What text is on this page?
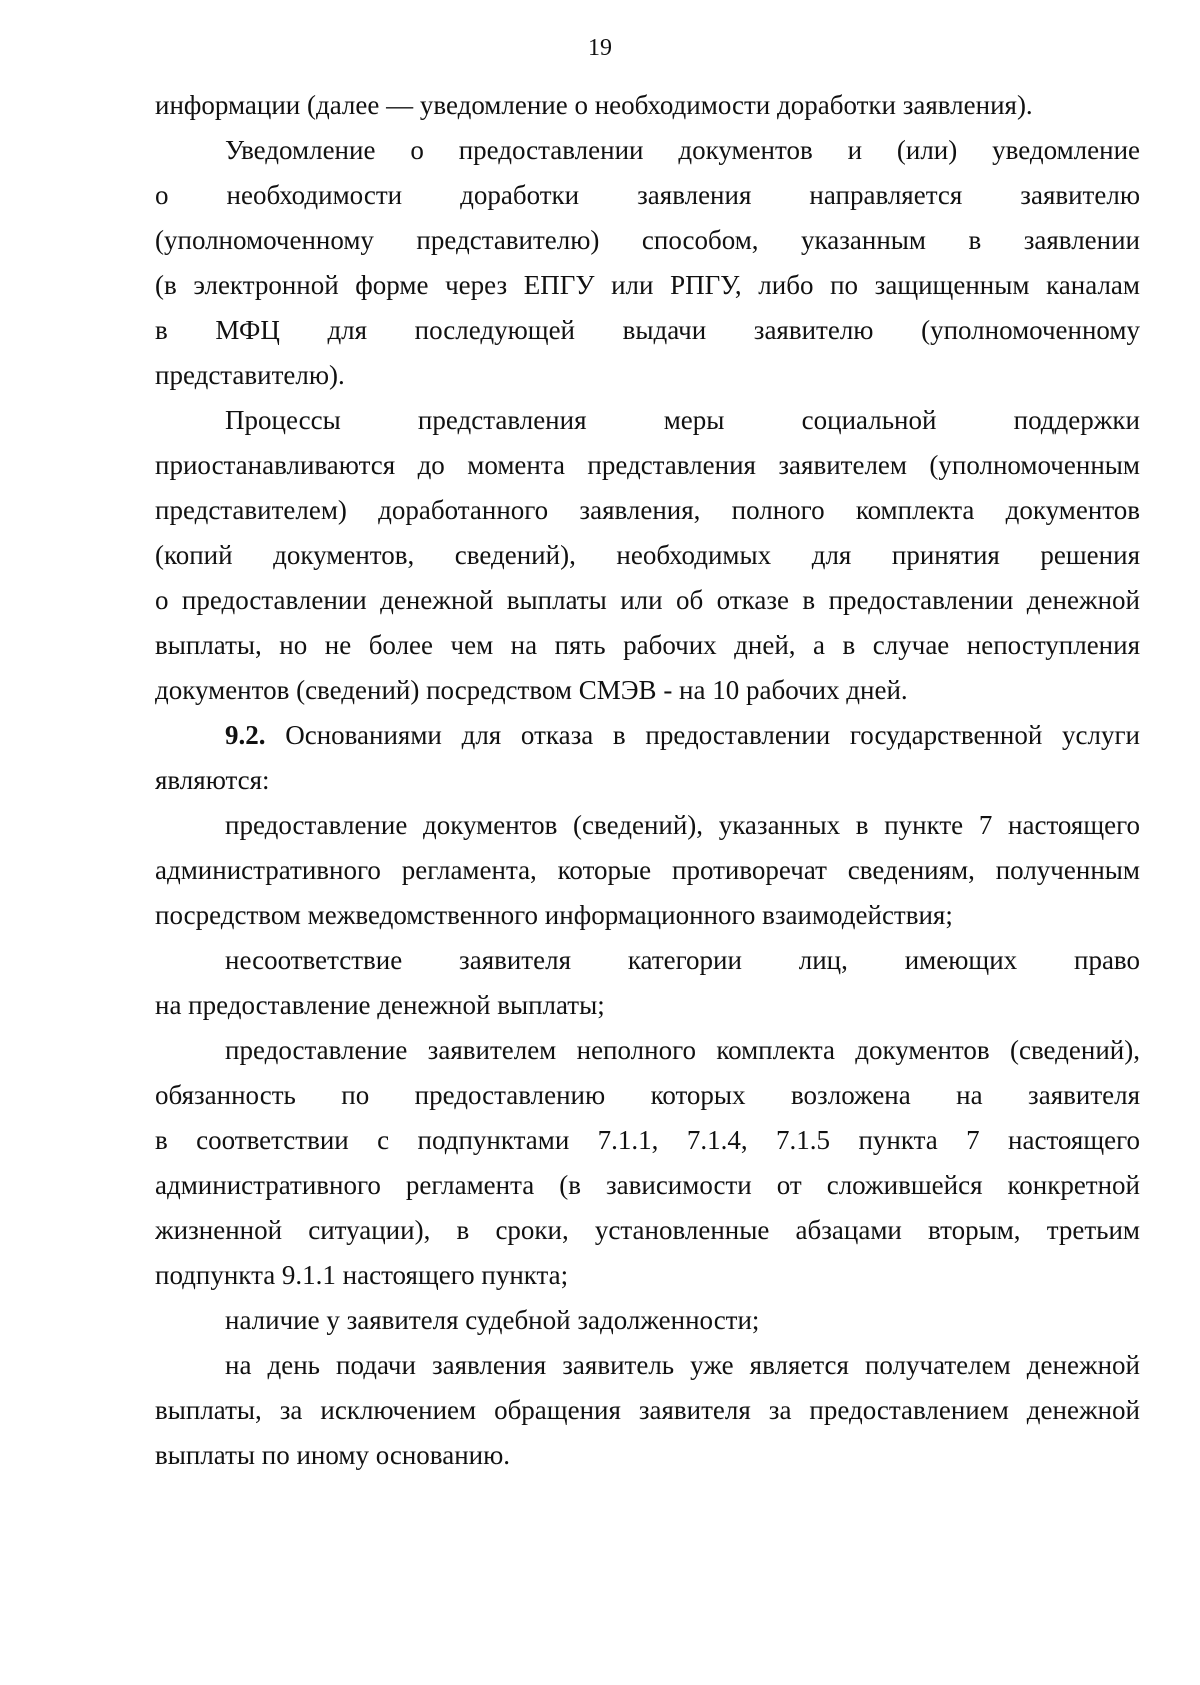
19
информации (далее — уведомление о необходимости доработки заявления).
Уведомление о предоставлении документов и (или) уведомление
о необходимости доработки заявления направляется заявителю
(уполномоченному представителю) способом, указанным в заявлении
(в электронной форме через ЕПГУ или РПГУ, либо по защищенным каналам
в МФЦ для последующей выдачи заявителю (уполномоченному
представителю).
Процессы представления меры социальной поддержки
приостанавливаются до момента представления заявителем (уполномоченным
представителем) доработанного заявления, полного комплекта документов
(копий документов, сведений), необходимых для принятия решения
о предоставлении денежной выплаты или об отказе в предоставлении денежной
выплаты, но не более чем на пять рабочих дней, а в случае непоступления
документов (сведений) посредством СМЭВ - на 10 рабочих дней.
9.2. Основаниями для отказа в предоставлении государственной услуги
являются:
предоставление документов (сведений), указанных в пункте 7 настоящего
административного регламента, которые противоречат сведениям, полученным
посредством межведомственного информационного взаимодействия;
несоответствие заявителя категории лиц, имеющих право
на предоставление денежной выплаты;
предоставление заявителем неполного комплекта документов (сведений),
обязанность по предоставлению которых возложена на заявителя
в соответствии с подпунктами 7.1.1, 7.1.4, 7.1.5 пункта 7 настоящего
административного регламента (в зависимости от сложившейся конкретной
жизненной ситуации), в сроки, установленные абзацами вторым, третьим
подпункта 9.1.1 настоящего пункта;
наличие у заявителя судебной задолженности;
на день подачи заявления заявитель уже является получателем денежной
выплаты, за исключением обращения заявителя за предоставлением денежной
выплаты по иному основанию.
